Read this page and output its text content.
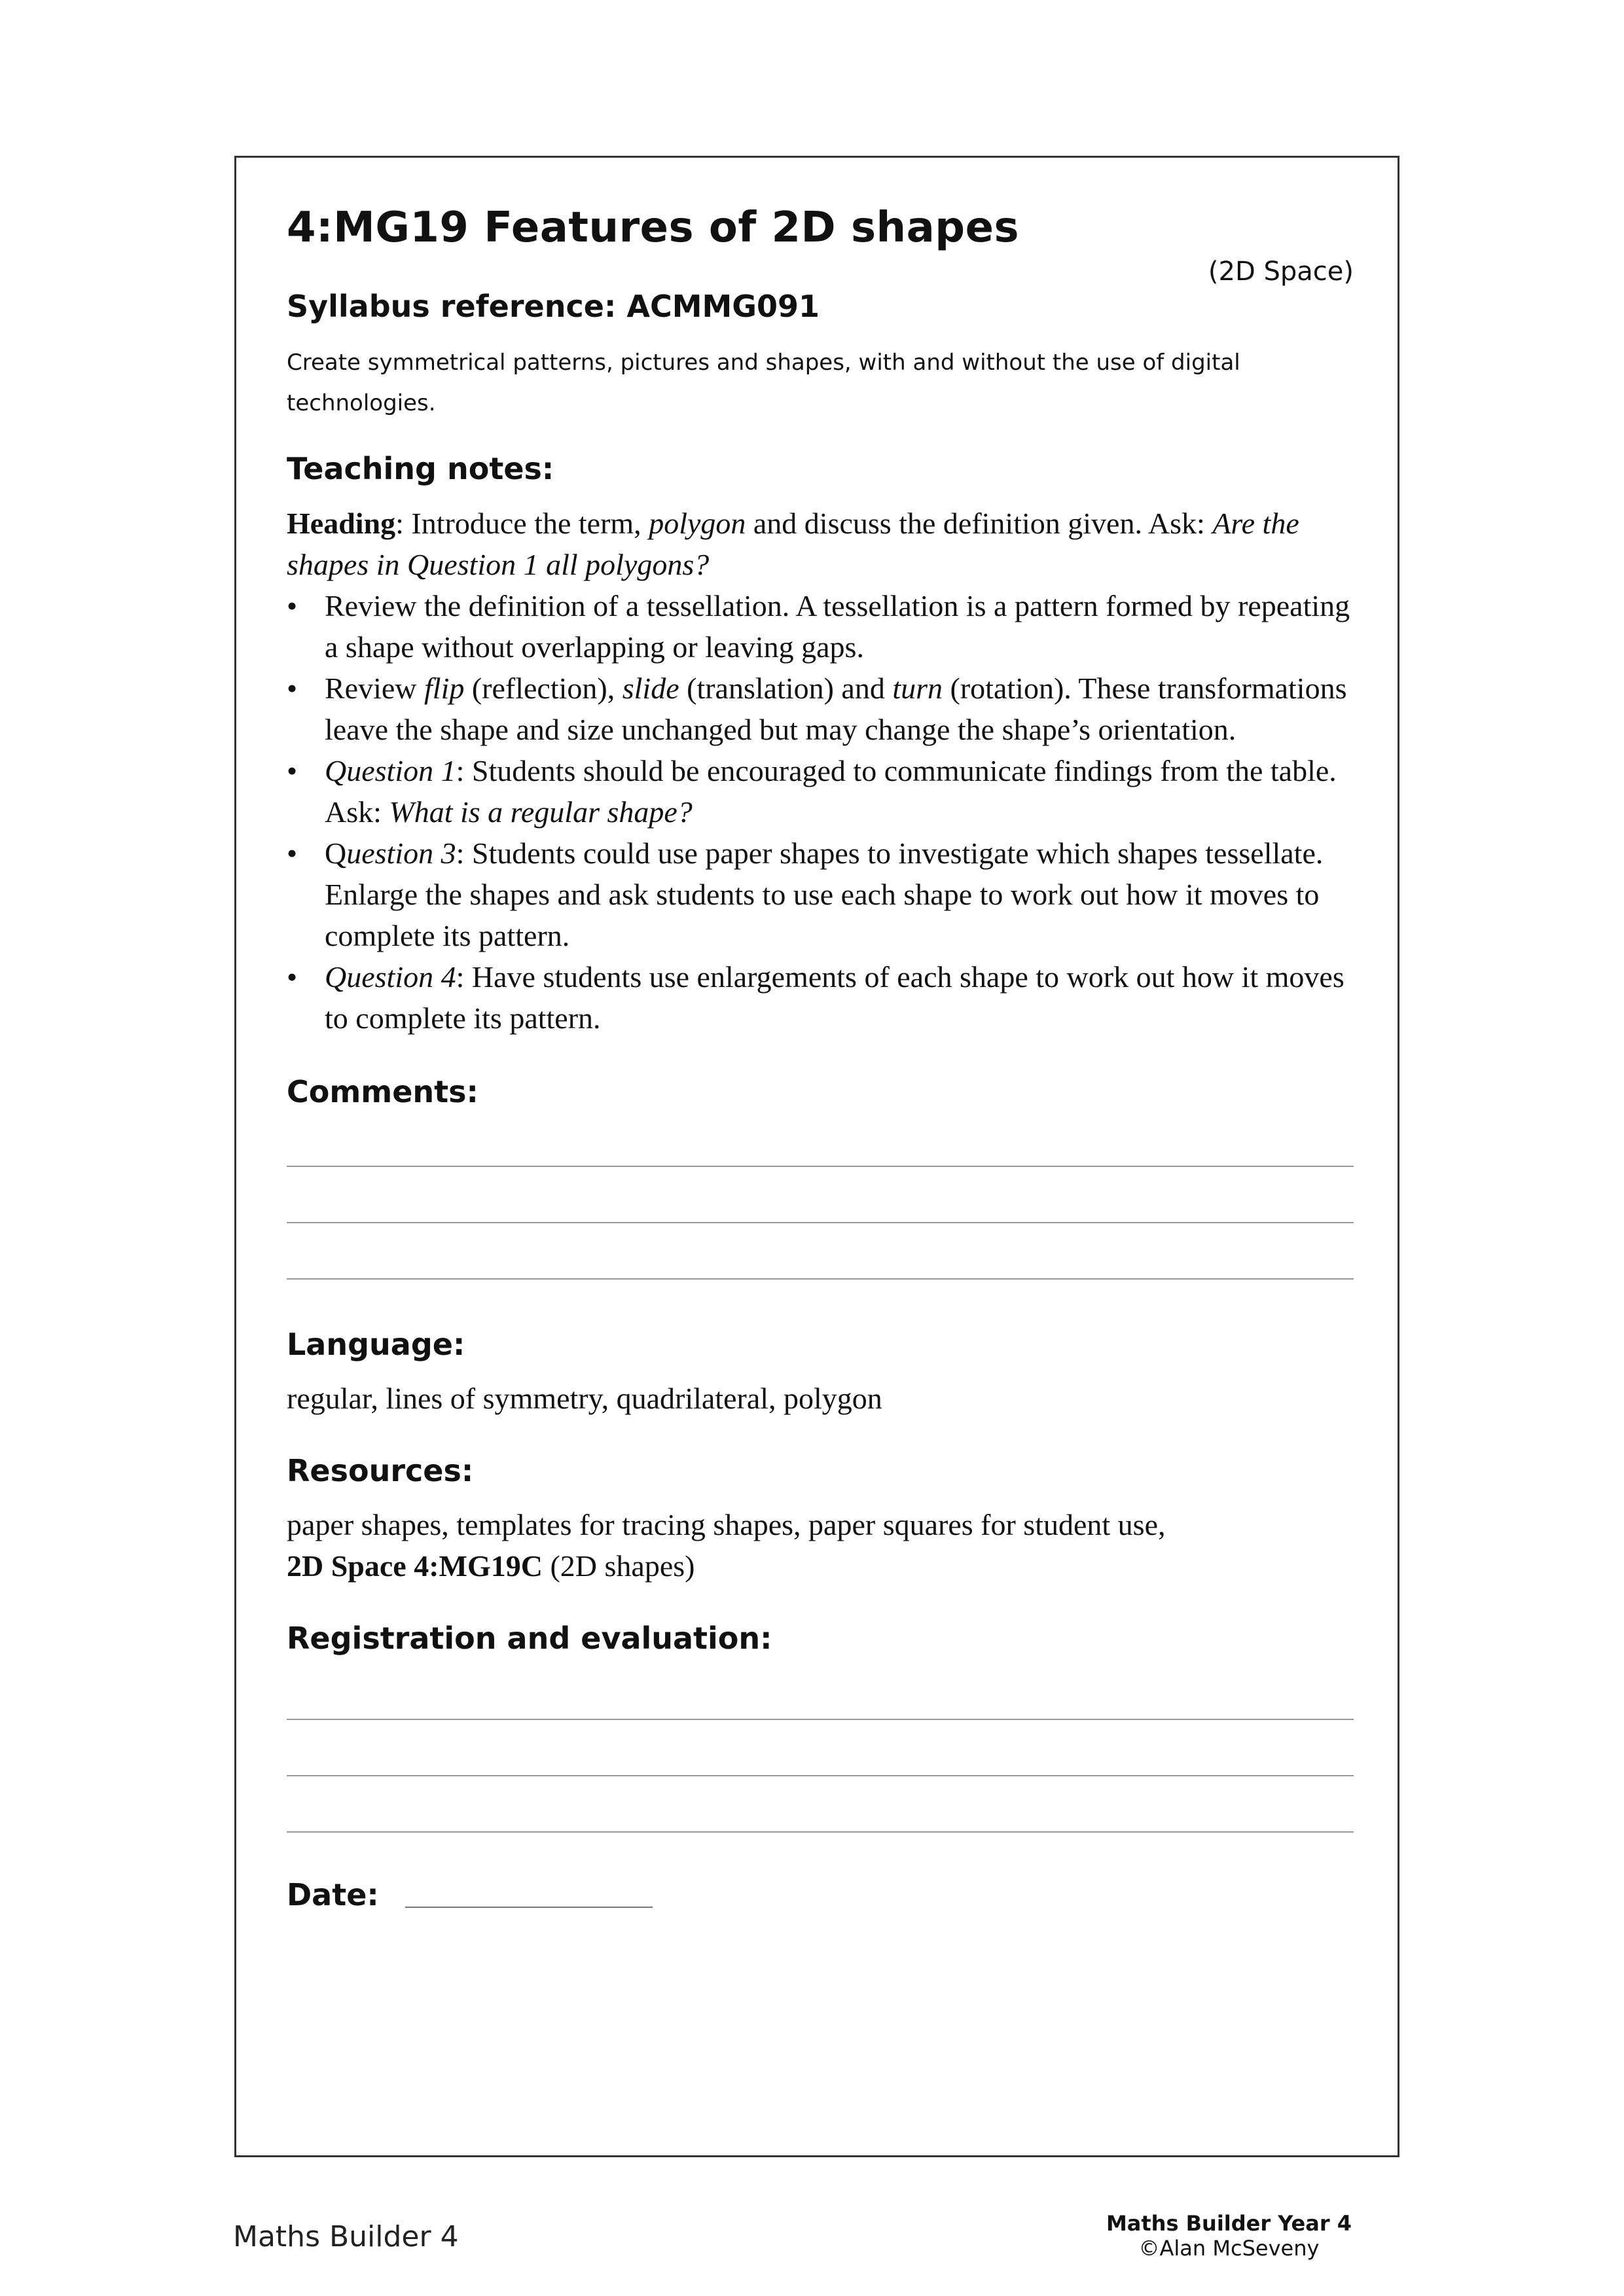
4:MG19 Features of 2D shapes
(2D Space)
Syllabus reference: ACMMG091

Create symmetrical patterns, pictures and shapes, with and without the use of digital technologies.

Teaching notes:

Heading: Introduce the term, polygon and discuss the definition given. Ask: Are the shapes in Question 1 all polygons?

• Review the definition of a tessellation. A tessellation is a pattern formed by repeating a shape without overlapping or leaving gaps.
• Review flip (reflection), slide (translation) and turn (rotation). These transformations leave the shape and size unchanged but may change the shape’s orientation.
• Question 1: Students should be encouraged to communicate findings from the table. Ask: What is a regular shape?
• Question 3: Students could use paper shapes to investigate which shapes tessellate. Enlarge the shapes and ask students to use each shape to work out how it moves to complete its pattern.
• Question 4: Have students use enlargements of each shape to work out how it moves to complete its pattern.
Comments:
Language:
regular, lines of symmetry, quadrilateral, polygon
Resources:
paper shapes, templates for tracing shapes, paper squares for student use,
2D Space 4:MG19C (2D shapes)
Registration and evaluation:
Date:
Maths Builder 4	Maths Builder Year 4
©Alan McSeveny
